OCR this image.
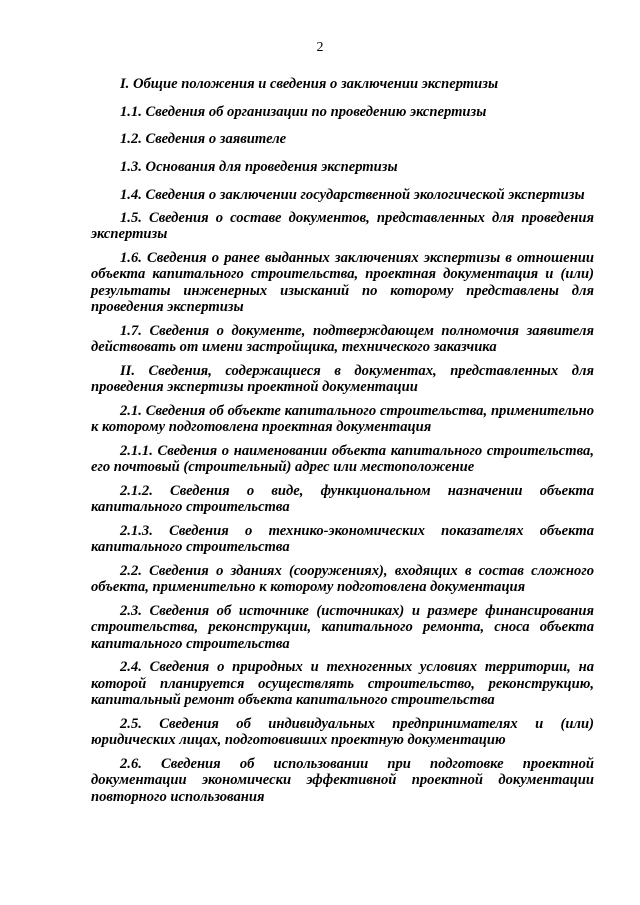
2

I. Общие положения и сведения о заключении экспертизы

1.1. Сведения об организации по проведению экспертизы

1.2. Сведения о заявителе

1.3. Основания для проведения экспертизы

1.4. Сведения о заключении государственной экологической экспертизы

1.5. Сведения о составе документов, представленных для проведения экспертизы

1.6. Сведения о ранее выданных заключениях экспертизы в отношении объекта капитального строительства, проектная документация и (или) результаты инженерных изысканий по которому представлены для проведения экспертизы

1.7. Сведения о документе, подтверждающем полномочия заявителя действовать от имени застройщика, технического заказчика

II. Сведения, содержащиеся в документах, представленных для проведения экспертизы проектной документации

2.1. Сведения об объекте капитального строительства, применительно к которому подготовлена проектная документация

2.1.1. Сведения о наименовании объекта капитального строительства, его почтовый (строительный) адрес или местоположение

2.1.2. Сведения о виде, функциональном назначении объекта капитального строительства

2.1.3. Сведения о технико-экономических показателях объекта капитального строительства

2.2. Сведения о зданиях (сооружениях), входящих в состав сложного объекта, применительно к которому подготовлена документация

2.3. Сведения об источнике (источниках) и размере финансирования строительства, реконструкции, капитального ремонта, сноса объекта капитального строительства

2.4. Сведения о природных и техногенных условиях территории, на которой планируется осуществлять строительство, реконструкцию, капитальный ремонт объекта капитального строительства

2.5. Сведения об индивидуальных предпринимателях и (или) юридических лицах, подготовивших проектную документацию

2.6. Сведения об использовании при подготовке проектной документации экономически эффективной проектной документации повторного использования
